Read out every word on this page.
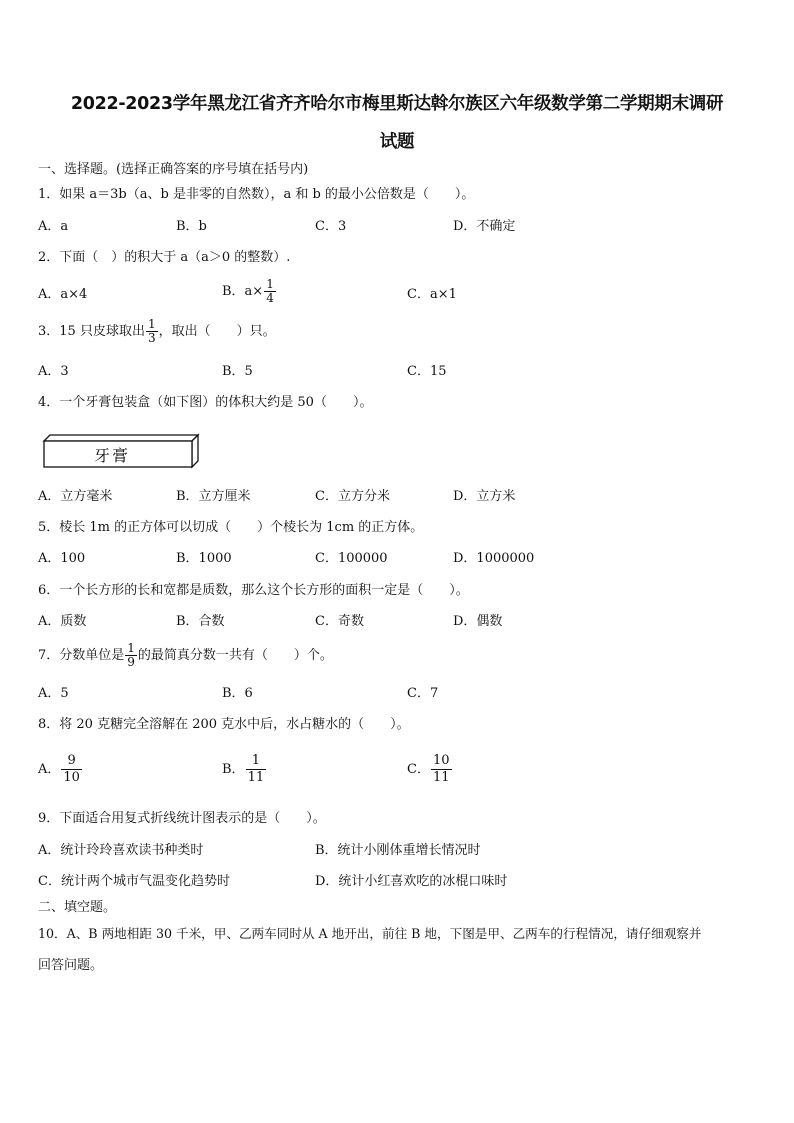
2022-2023学年黑龙江省齐齐哈尔市梅里斯达斡尔族区六年级数学第二学期期末调研
试题
一、选择题。(选择正确答案的序号填在括号内)
1．如果 a＝3b（a、b 是非零的自然数），a 和 b 的最小公倍数是（　　）。
A．a	B．b	C．3	D．不确定
2．下面（　）的积大于 a（a＞0 的整数）.
A．a×4	B．$a\times \frac{1}{4}$	C．a×1
3．15 只皮球取出 $\frac{1}{3}$ ，取出（　　）只。
A．3	B．5	C．15
4．一个牙膏包装盒（如下图）的体积大约是 50（　　）。
牙膏
A．立方毫米	B．立方厘米	C．立方分米	D．立方米
5．棱长 1m 的正方体可以切成（　　）个棱长为 1cm 的正方体。
A．100	B．1000	C．100000	D．1000000
6．一个长方形的长和宽都是质数，那么这个长方形的面积一定是（　　）。
A．质数	B．合数	C．奇数	D．偶数
7．分数单位是 $\frac{1}{9}$ 的最简真分数一共有（　　）个。
A．5	B．6	C．7
8．将 20 克糖完全溶解在 200 克水中后，水占糖水的（　　）。
A． $\frac{9}{10}$	B． $\frac{1}{11}$	C． $\frac{10}{11}$
9．下面适合用复式折线统计图表示的是（　　）。
A．统计玲玲喜欢读书种类时	B．统计小刚体重增长情况时
C．统计两个城市气温变化趋势时	D．统计小红喜欢吃的冰棍口味时
二、填空题。
10．A、B 两地相距 30 千米，甲、乙两车同时从 A 地开出，前往 B 地，下图是甲、乙两车的行程情况，请仔细观察并
回答问题。
